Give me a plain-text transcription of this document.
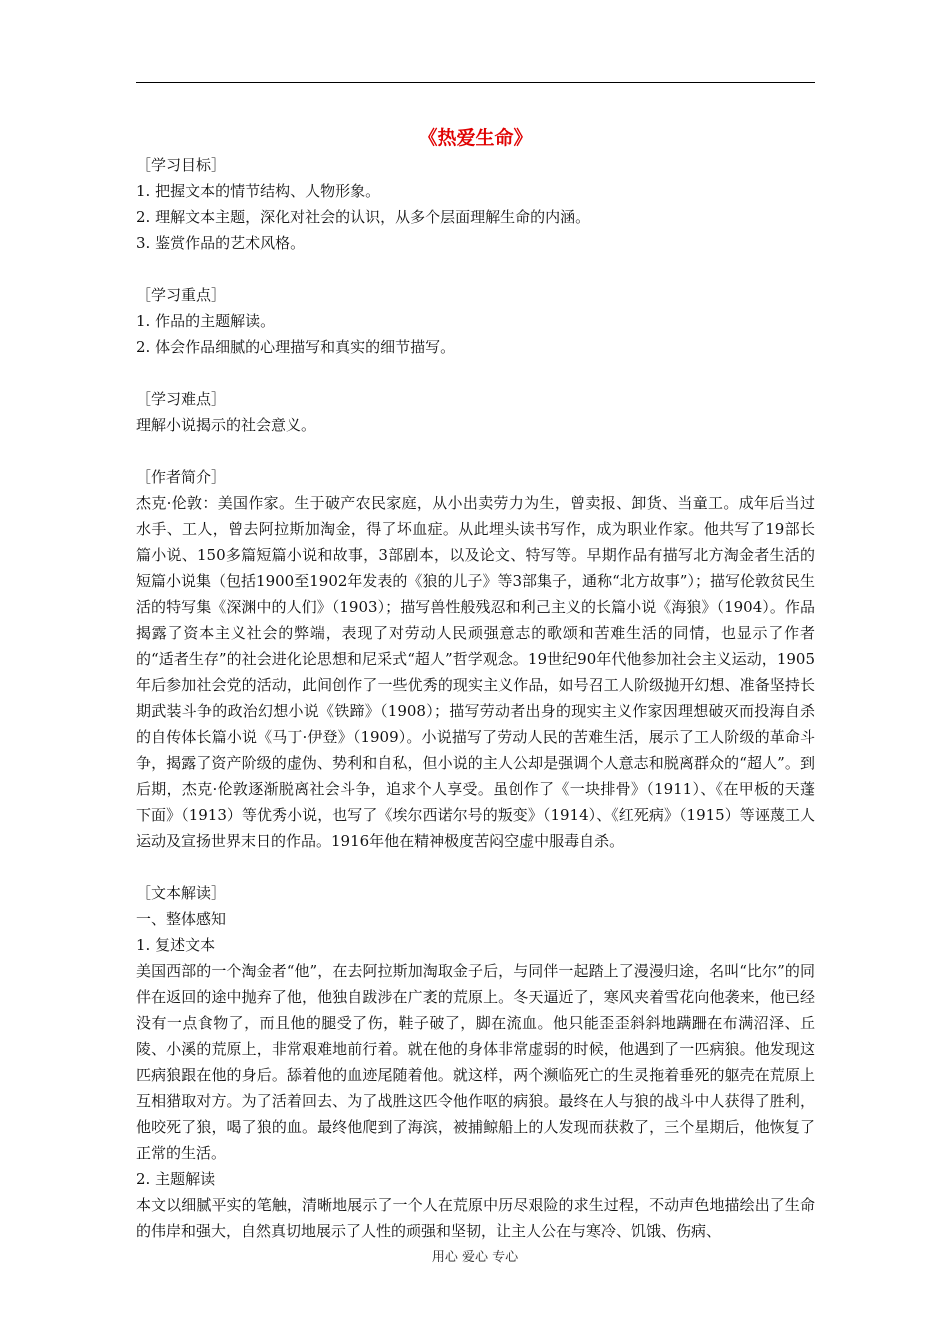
《热爱生命》

［学习目标］

1. 把握文本的情节结构、人物形象。

2. 理解文本主题，深化对社会的认识，从多个层面理解生命的内涵。

3. 鉴赏作品的艺术风格。

［学习重点］

1. 作品的主题解读。

2. 体会作品细腻的心理描写和真实的细节描写。

［学习难点］

理解小说揭示的社会意义。

［作者简介］

杰克·伦敦：美国作家。生于破产农民家庭，从小出卖劳力为生，曾卖报、卸货、当童工。成年后当过水手、工人，曾去阿拉斯加淘金，得了坏血症。从此埋头读书写作，成为职业作家。他共写了19部长篇小说、150多篇短篇小说和故事，3部剧本，以及论文、特写等。早期作品有描写北方淘金者生活的短篇小说集（包括1900至1902年发表的《狼的儿子》等3部集子，通称“北方故事”）；描写伦敦贫民生活的特写集《深渊中的人们》（1903）；描写兽性般残忍和利己主义的长篇小说《海狼》（1904）。作品揭露了资本主义社会的弊端，表现了对劳动人民顽强意志的歌颂和苦难生活的同情，也显示了作者的“适者生存”的社会进化论思想和尼采式“超人”哲学观念。19世纪90年代他参加社会主义运动，1905年后参加社会党的活动，此间创作了一些优秀的现实主义作品，如号召工人阶级抛开幻想、准备坚持长期武装斗争的政治幻想小说《铁蹄》（1908）；描写劳动者出身的现实主义作家因理想破灭而投海自杀的自传体长篇小说《马丁·伊登》（1909）。小说描写了劳动人民的苦难生活，展示了工人阶级的革命斗争，揭露了资产阶级的虚伪、势利和自私，但小说的主人公却是强调个人意志和脱离群众的“超人”。到后期，杰克·伦敦逐渐脱离社会斗争，追求个人享受。虽创作了《一块排骨》（1911）、《在甲板的天蓬下面》（1913）等优秀小说，也写了《埃尔西诺尔号的叛变》（1914）、《红死病》（1915）等诬蔑工人运动及宣扬世界末日的作品。1916年他在精神极度苦闷空虚中服毒自杀。

［文本解读］

一、整体感知

1. 复述文本

美国西部的一个淘金者“他”，在去阿拉斯加淘取金子后，与同伴一起踏上了漫漫归途，名叫“比尔”的同伴在返回的途中抛弃了他，他独自跋涉在广袤的荒原上。冬天逼近了，寒风夹着雪花向他袭来，他已经没有一点食物了，而且他的腿受了伤，鞋子破了，脚在流血。他只能歪歪斜斜地蹒跚在布满沼泽、丘陵、小溪的荒原上，非常艰难地前行着。就在他的身体非常虚弱的时候，他遇到了一匹病狼。他发现这匹病狼跟在他的身后。舔着他的血迹尾随着他。就这样，两个濒临死亡的生灵拖着垂死的躯壳在荒原上互相猎取对方。为了活着回去、为了战胜这匹令他作呕的病狼。最终在人与狼的战斗中人获得了胜利，他咬死了狼，喝了狼的血。最终他爬到了海滨，被捕鲸船上的人发现而获救了，三个星期后，他恢复了正常的生活。

2. 主题解读

本文以细腻平实的笔触，清晰地展示了一个人在荒原中历尽艰险的求生过程，不动声色地描绘出了生命的伟岸和强大，自然真切地展示了人性的顽强和坚韧，让主人公在与寒冷、饥饿、伤病、

用心 爱心 专心
